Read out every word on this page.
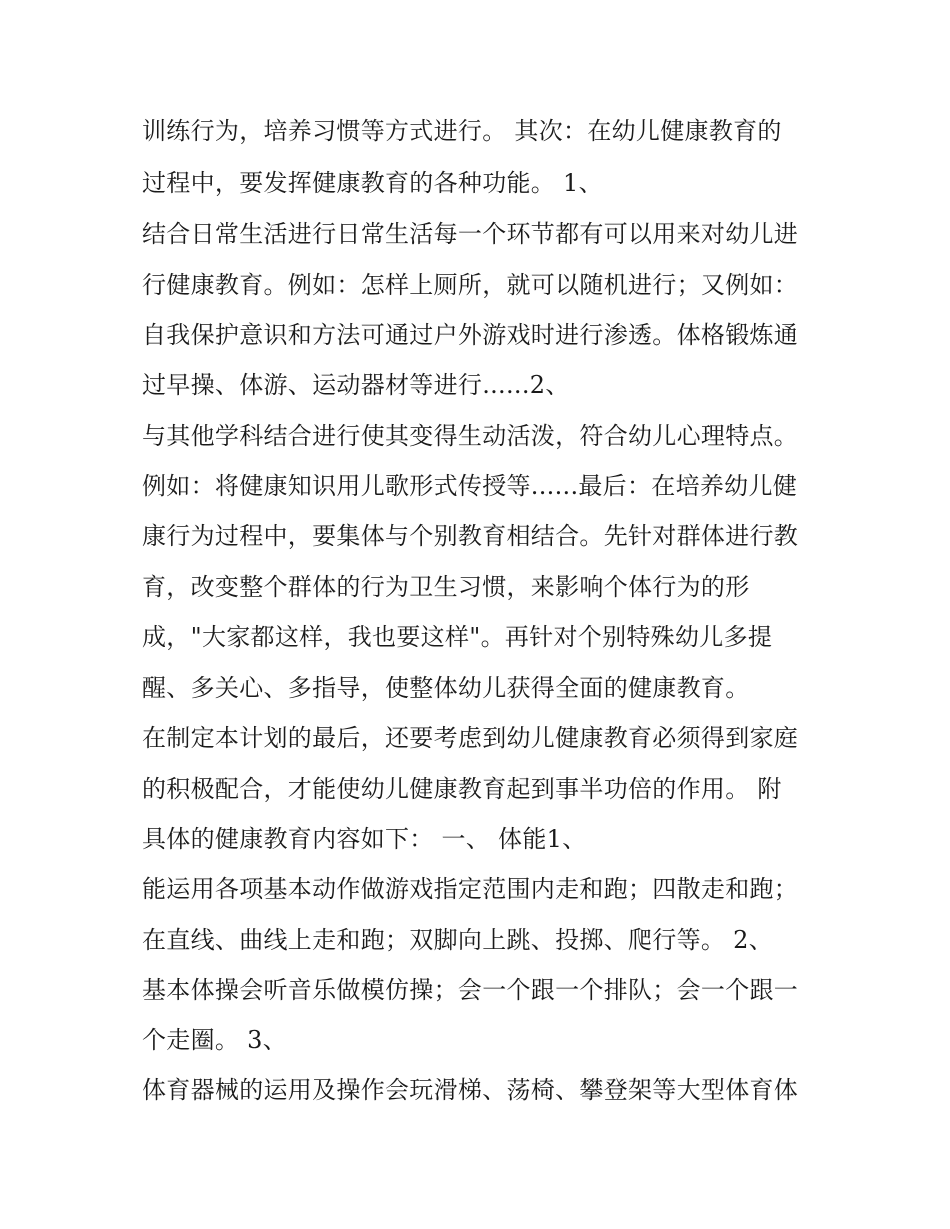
训练行为，培养习惯等方式进行。 其次：在幼儿健康教育的
过程中，要发挥健康教育的各种功能。 1、
结合日常生活进行日常生活每一个环节都有可以用来对幼儿进
行健康教育。例如：怎样上厕所，就可以随机进行；又例如：
自我保护意识和方法可通过户外游戏时进行渗透。体格锻炼通
过早操、体游、运动器材等进行......2、
与其他学科结合进行使其变得生动活泼，符合幼儿心理特点。
例如：将健康知识用儿歌形式传授等......最后：在培养幼儿健
康行为过程中，要集体与个别教育相结合。先针对群体进行教
育，改变整个群体的行为卫生习惯，来影响个体行为的形
成，"大家都这样，我也要这样"。再针对个别特殊幼儿多提
醒、多关心、多指导，使整体幼儿获得全面的健康教育。
在制定本计划的最后，还要考虑到幼儿健康教育必须得到家庭
的积极配合，才能使幼儿健康教育起到事半功倍的作用。 附
具体的健康教育内容如下： 一、 体能1、
能运用各项基本动作做游戏指定范围内走和跑；四散走和跑；
在直线、曲线上走和跑；双脚向上跳、投掷、爬行等。 2、
基本体操会听音乐做模仿操；会一个跟一个排队；会一个跟一
个走圈。 3、
体育器械的运用及操作会玩滑梯、荡椅、攀登架等大型体育体
